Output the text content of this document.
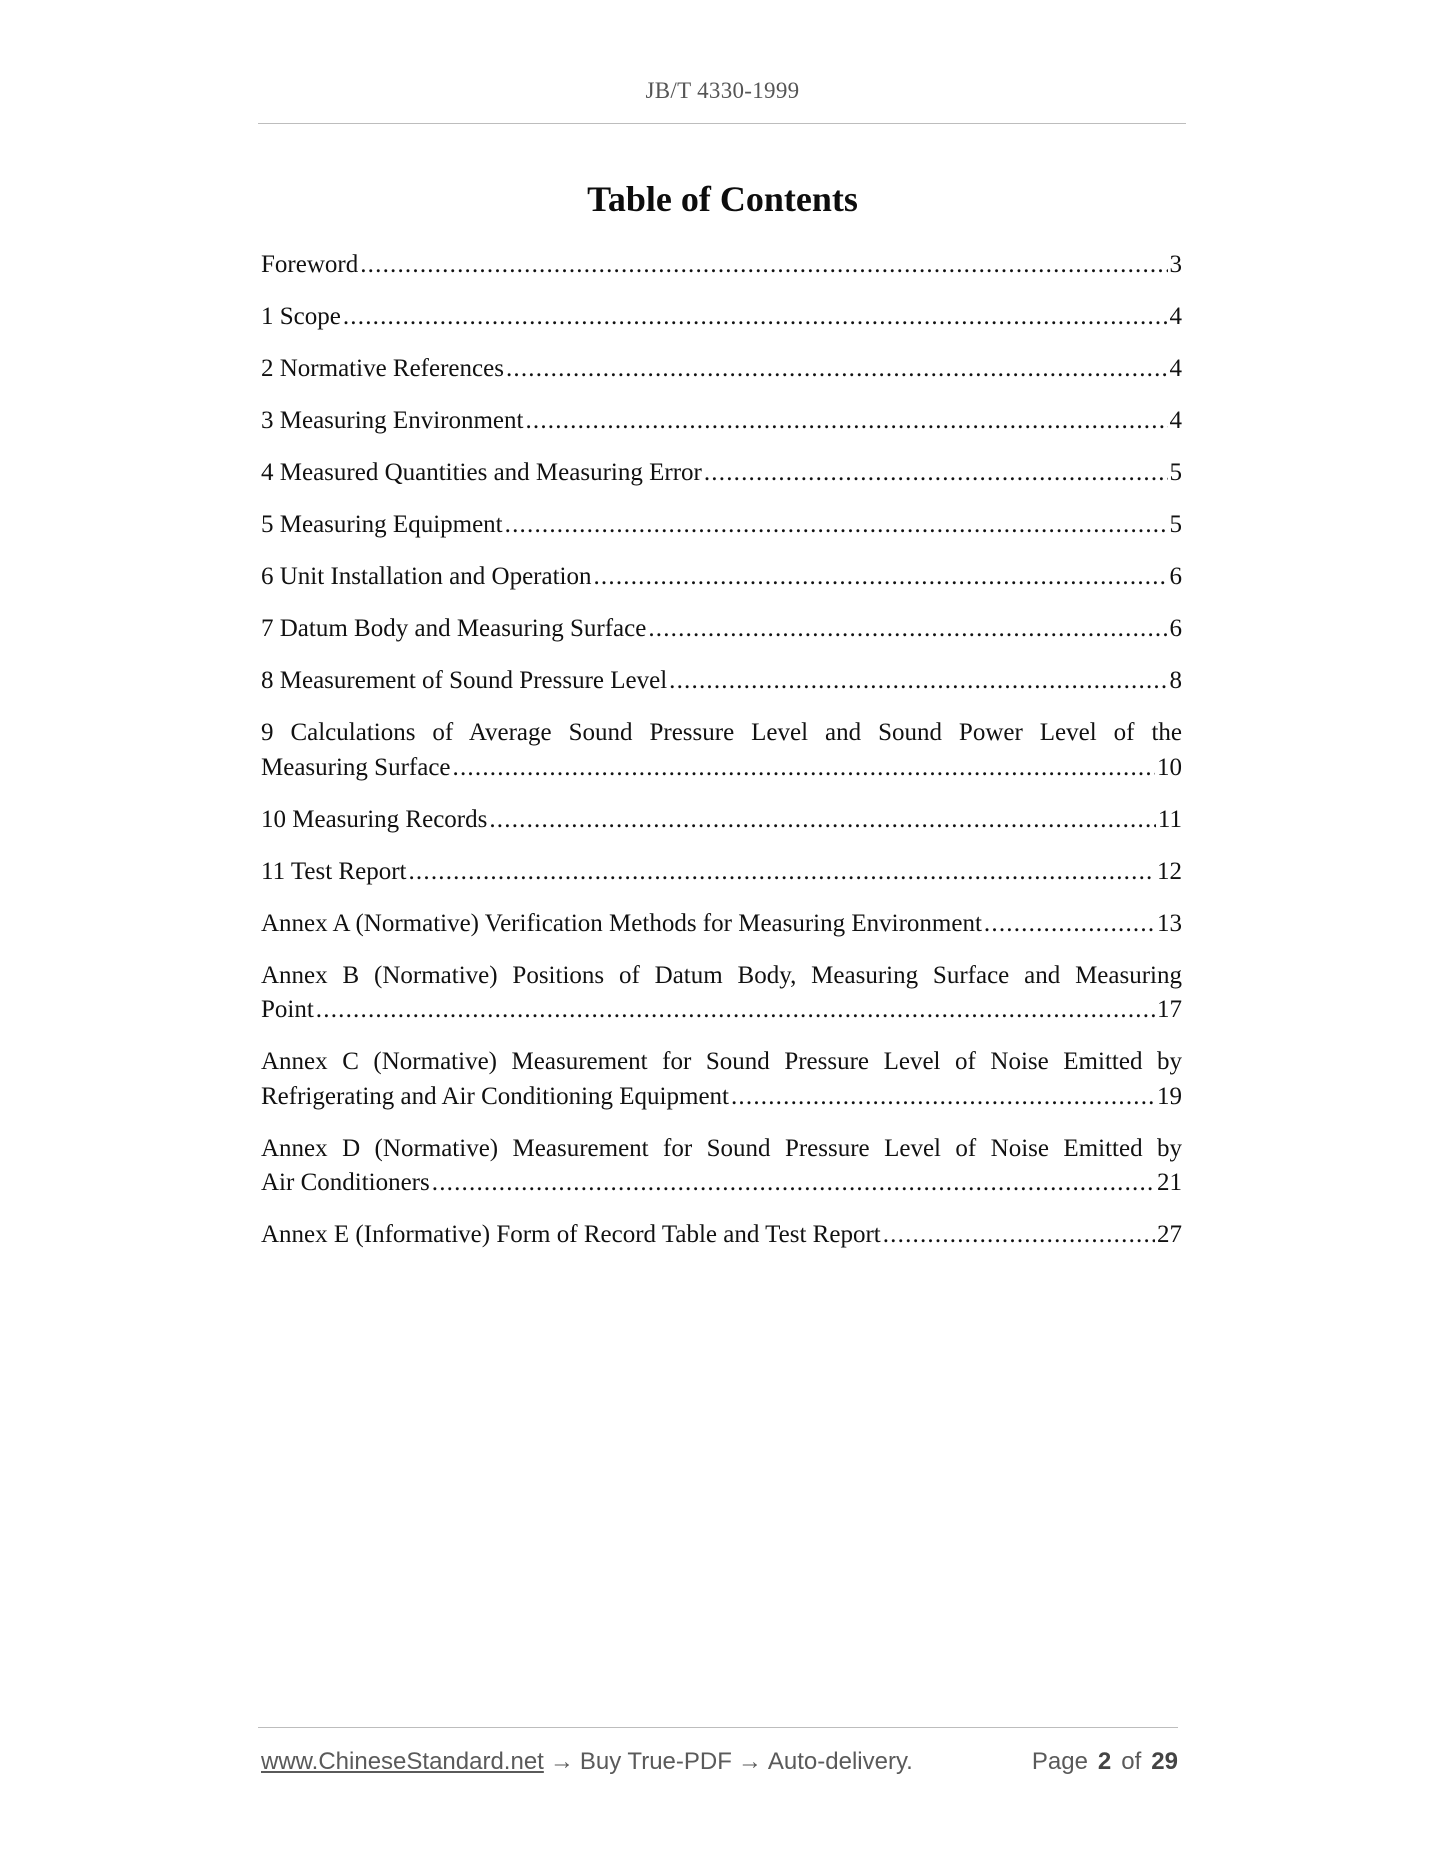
JB/T 4330-1999
Table of Contents
Foreword .....	3
1 Scope .....	4
2 Normative References .....	4
3 Measuring Environment .....	4
4 Measured Quantities and Measuring Error .....	5
5 Measuring Equipment .....	5
6 Unit Installation and Operation .....	6
7 Datum Body and Measuring Surface .....	6
8 Measurement of Sound Pressure Level .....	8
9 Calculations of Average Sound Pressure Level and Sound Power Level of the
Measuring Surface .....	10
10 Measuring Records .....	11
11 Test Report .....	12
Annex A (Normative) Verification Methods for Measuring Environment .....	13
Annex B (Normative) Positions of Datum Body, Measuring Surface and Measuring
Point .....	17
Annex C (Normative) Measurement for Sound Pressure Level of Noise Emitted by
Refrigerating and Air Conditioning Equipment .....	19
Annex D (Normative) Measurement for Sound Pressure Level of Noise Emitted by
Air Conditioners .....	21
Annex E (Informative) Form of Record Table and Test Report .....	27
www.ChineseStandard.net → Buy True-PDF → Auto-delivery.	Page 2 of 29
